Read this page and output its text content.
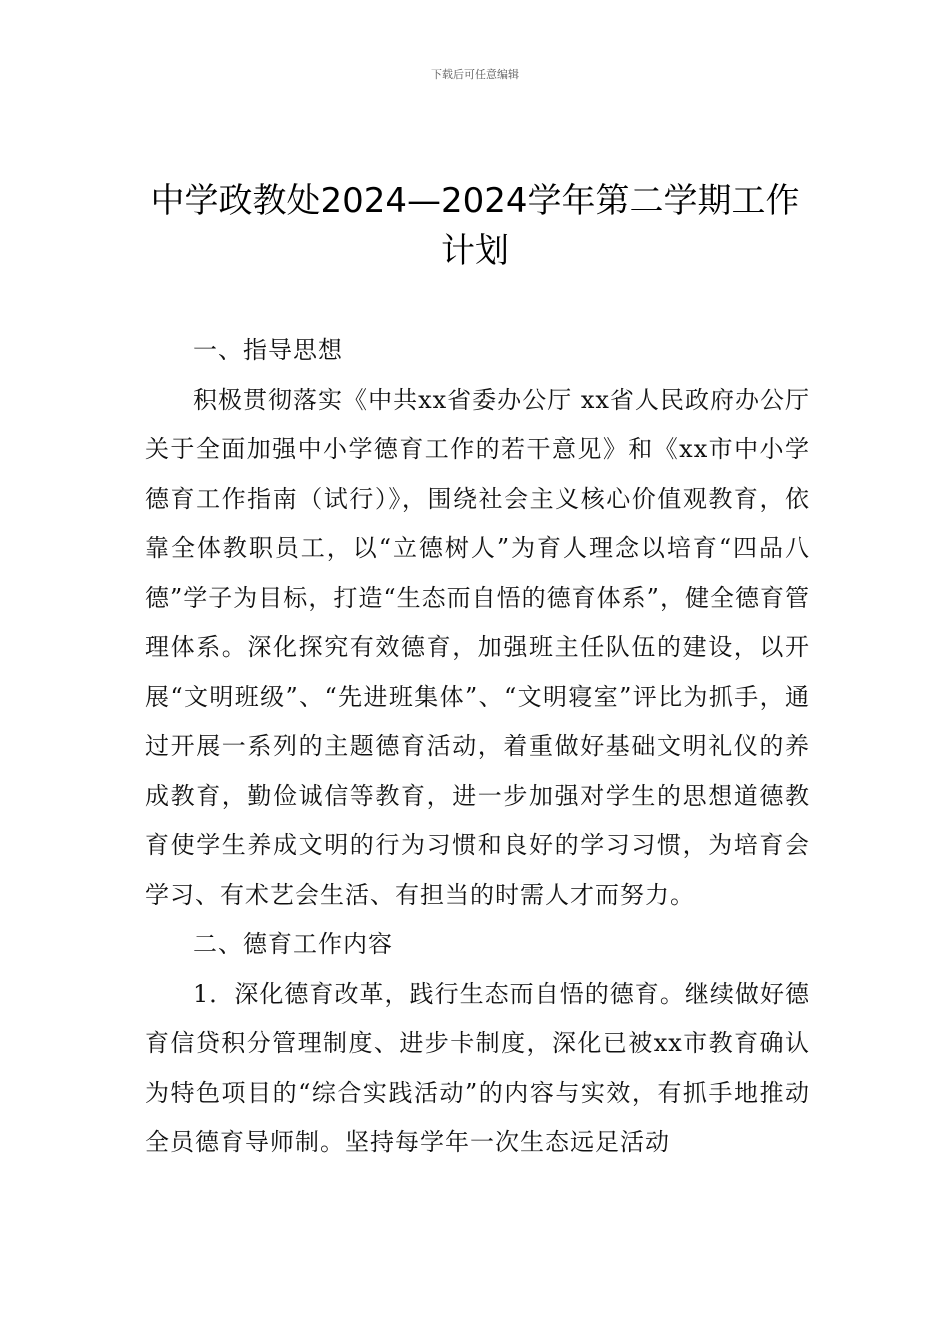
下载后可任意编辑
中学政教处2024—2024学年第二学期工作计划

一、指导思想

积极贯彻落实《中共xx省委办公厅 xx省人民政府办公厅关于全面加强中小学德育工作的若干意见》和《xx市中小学德育工作指南（试行）》，围绕社会主义核心价值观教育，依靠全体教职员工，以“立德树人”为育人理念以培育“四品八德”学子为目标，打造“生态而自悟的德育体系”，健全德育管理体系。深化探究有效德育，加强班主任队伍的建设，以开展“文明班级”、“先进班集体”、“文明寝室”评比为抓手，通过开展一系列的主题德育活动，着重做好基础文明礼仪的养成教育，勤俭诚信等教育，进一步加强对学生的思想道德教育使学生养成文明的行为习惯和良好的学习习惯，为培育会学习、有术艺会生活、有担当的时需人才而努力。

二、德育工作内容

1．深化德育改革，践行生态而自悟的德育。继续做好德育信贷积分管理制度、进步卡制度，深化已被xx市教育确认为特色项目的“综合实践活动”的内容与实效，有抓手地推动全员德育导师制。坚持每学年一次生态远足活动
